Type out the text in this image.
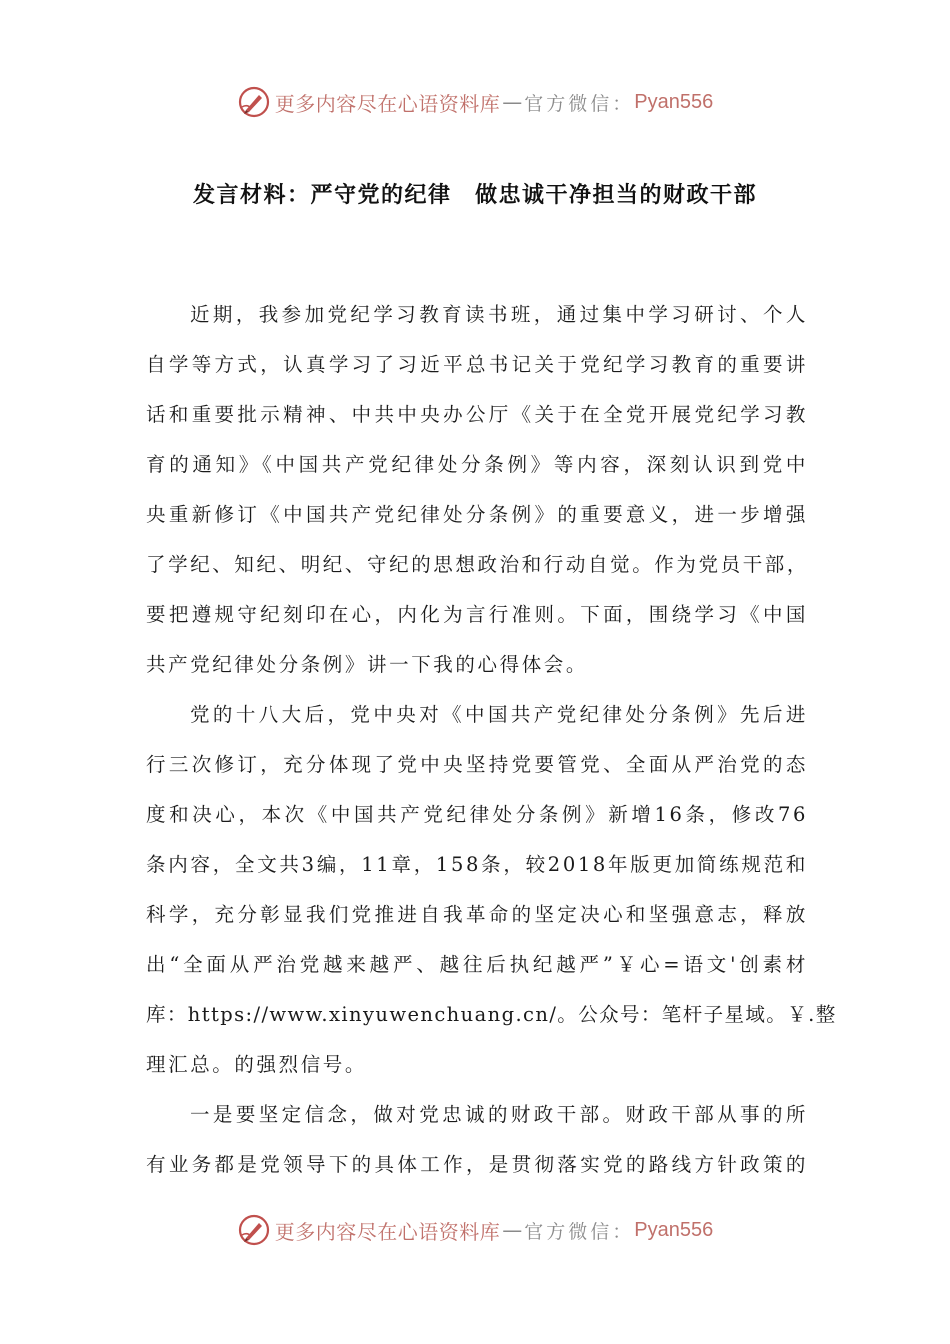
更多内容尽在心语资料库 — 官方微信： Pyan556
发言材料：严守党的纪律　做忠诚干净担当的财政干部
近期，我参加党纪学习教育读书班，通过集中学习研讨、个人
自学等方式，认真学习了习近平总书记关于党纪学习教育的重要讲
话和重要批示精神、中共中央办公厅《关于在全党开展党纪学习教
育的通知》《中国共产党纪律处分条例》等内容，深刻认识到党中
央重新修订《中国共产党纪律处分条例》的重要意义，进一步增强
了学纪、知纪、明纪、守纪的思想政治和行动自觉。作为党员干部，
要把遵规守纪刻印在心，内化为言行准则。下面，围绕学习《中国
共产党纪律处分条例》讲一下我的心得体会。
党的十八大后，党中央对《中国共产党纪律处分条例》先后进
行三次修订，充分体现了党中央坚持党要管党、全面从严治党的态
度和决心，本次《中国共产党纪律处分条例》新增16条，修改76
条内容，全文共3编，11章，158条，较2018年版更加简练规范和
科学，充分彰显我们党推进自我革命的坚定决心和坚强意志，释放
出“全面从严治党越来越严、越往后执纪越严”￥心=语文'创素材
库：https://www.xinyuwenchuang.cn/。公众号：笔杆子星域。￥.整
理汇总。的强烈信号。
一是要坚定信念，做对党忠诚的财政干部。财政干部从事的所
有业务都是党领导下的具体工作，是贯彻落实党的路线方针政策的
更多内容尽在心语资料库 — 官方微信： Pyan556
